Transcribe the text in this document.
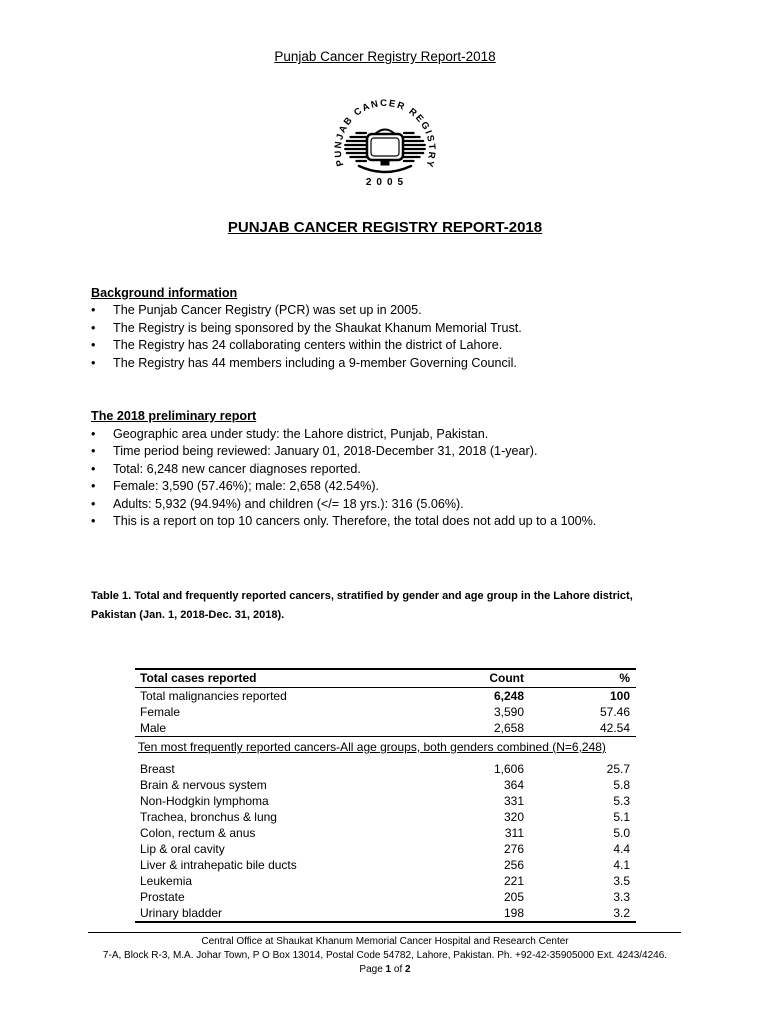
Punjab Cancer Registry Report-2018
PUNJAB CANCER REGISTRY
2005
PUNJAB CANCER REGISTRY REPORT-2018
Background information
• The Punjab Cancer Registry (PCR) was set up in 2005.
• The Registry is being sponsored by the Shaukat Khanum Memorial Trust.
• The Registry has 24 collaborating centers within the district of Lahore.
• The Registry has 44 members including a 9-member Governing Council.
The 2018 preliminary report
• Geographic area under study: the Lahore district, Punjab, Pakistan.
• Time period being reviewed: January 01, 2018-December 31, 2018 (1-year).
• Total: 6,248 new cancer diagnoses reported.
• Female: 3,590 (57.46%); male: 2,658 (42.54%).
• Adults: 5,932 (94.94%) and children (</= 18 yrs.): 316 (5.06%).
• This is a report on top 10 cancers only. Therefore, the total does not add up to a 100%.
Table 1. Total and frequently reported cancers, stratified by gender and age group in the Lahore district, Pakistan (Jan. 1, 2018-Dec. 31, 2018).
Total cases reported	Count	%
Total malignancies reported	6,248	100
Female	3,590	57.46
Male	2,658	42.54
Ten most frequently reported cancers-All age groups, both genders combined (N=6,248)
Breast	1,606	25.7
Brain & nervous system	364	5.8
Non-Hodgkin lymphoma	331	5.3
Trachea, bronchus & lung	320	5.1
Colon, rectum & anus	311	5.0
Lip & oral cavity	276	4.4
Liver & intrahepatic bile ducts	256	4.1
Leukemia	221	3.5
Prostate	205	3.3
Urinary bladder	198	3.2
Central Office at Shaukat Khanum Memorial Cancer Hospital and Research Center
7-A, Block R-3, M.A. Johar Town, P O Box 13014, Postal Code 54782, Lahore, Pakistan. Ph. +92-42-35905000 Ext. 4243/4246.
Page 1 of 2
